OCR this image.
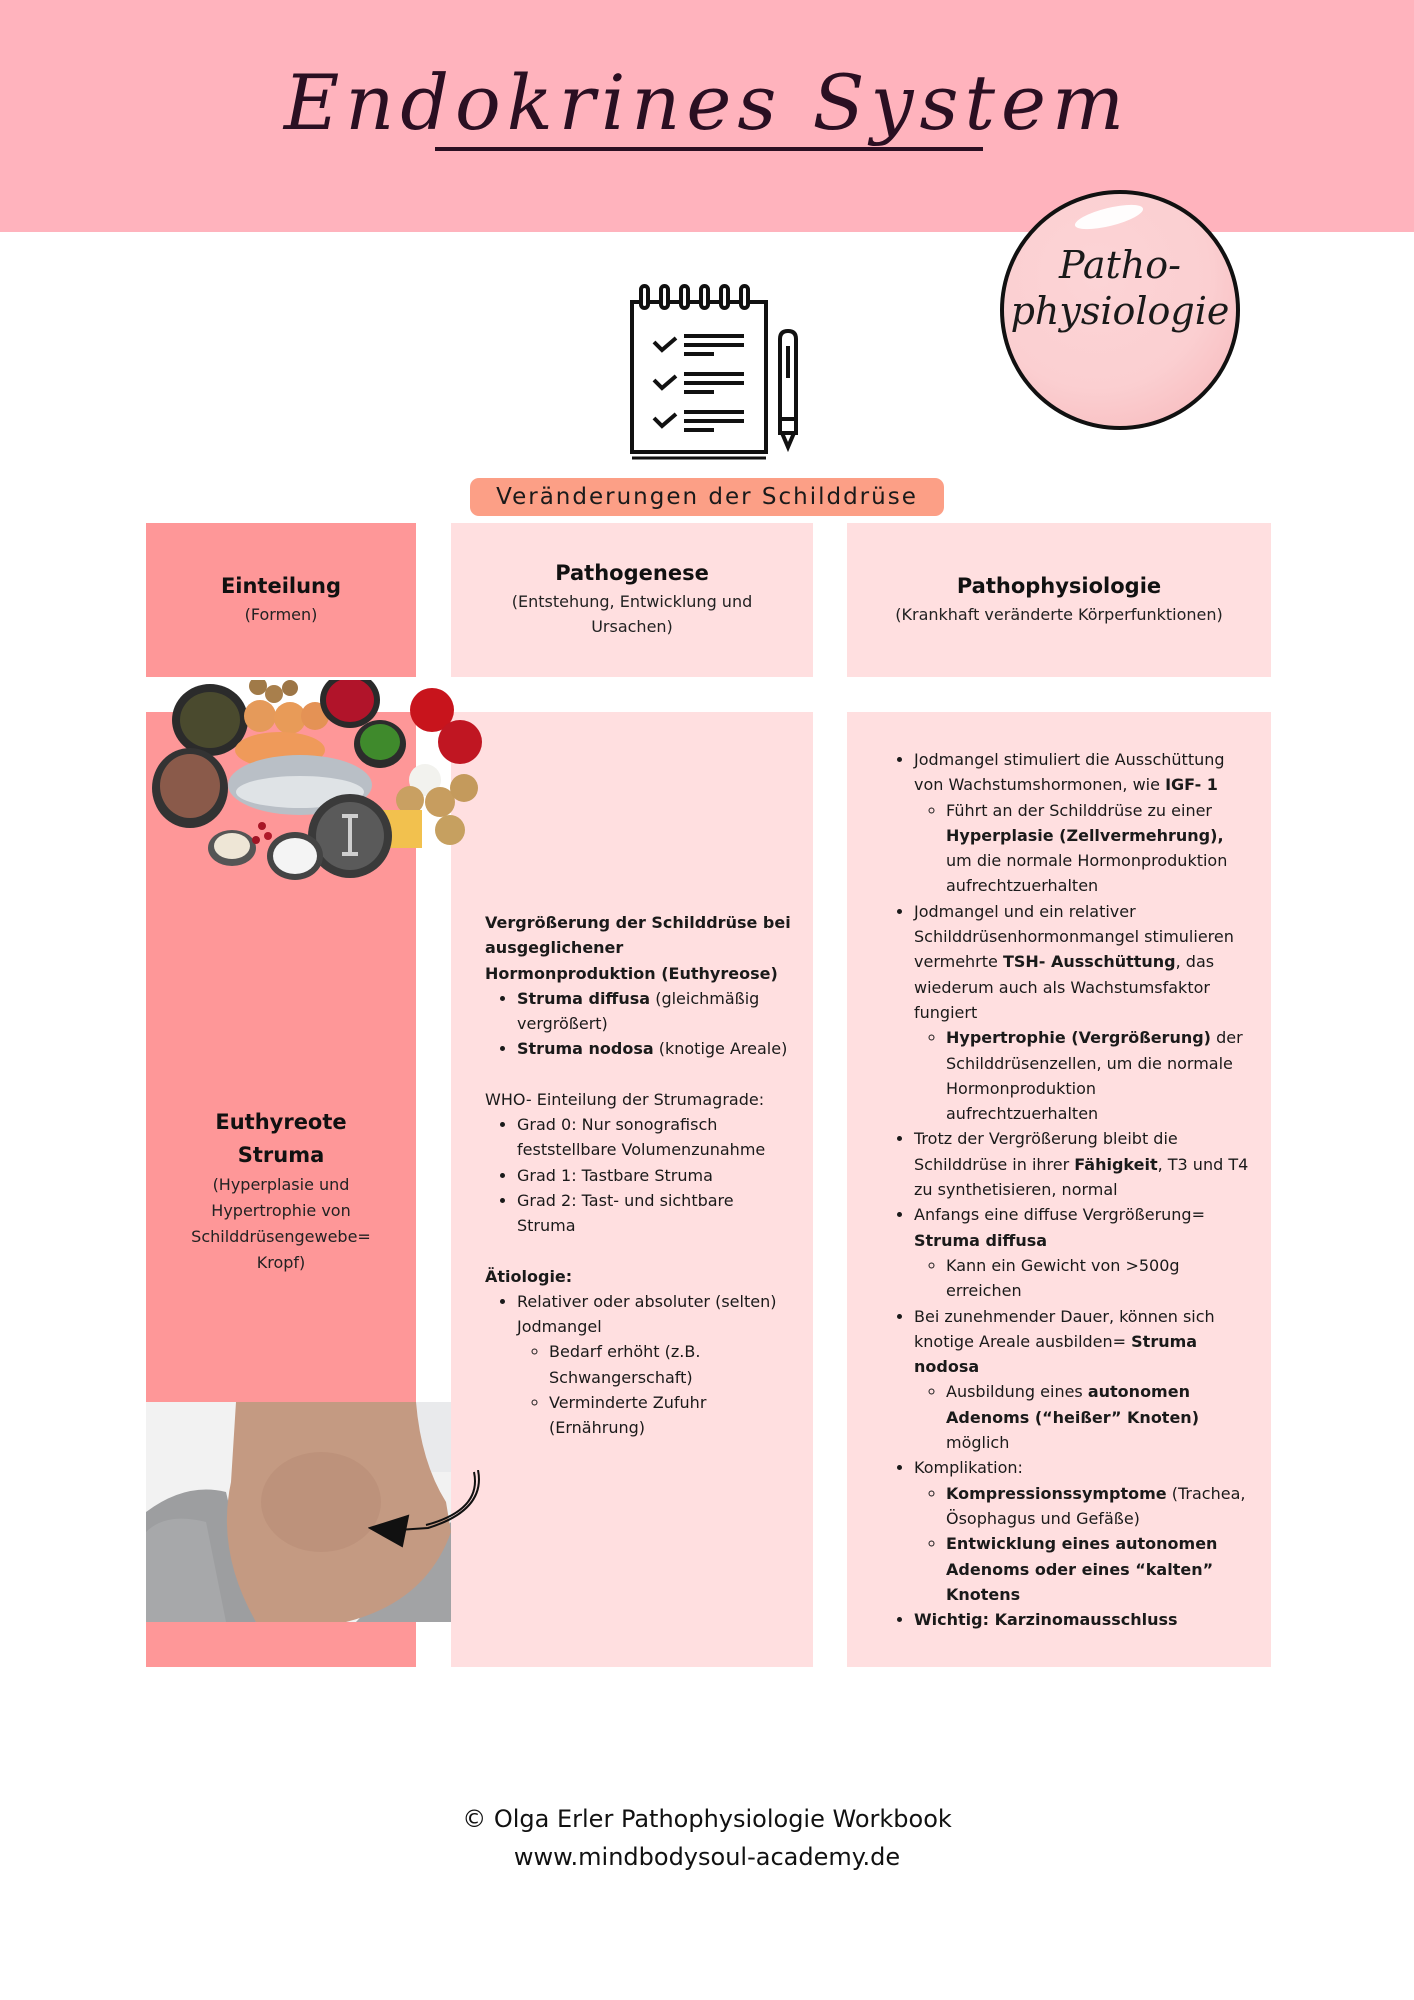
Endokrines System
Patho-
physiologie
Veränderungen der Schilddrüse
Einteilung
(Formen)
Pathogenese
(Entstehung, Entwicklung und Ursachen)
Pathophysiologie
(Krankhaft veränderte Körperfunktionen)
Euthyreote
Struma
(Hyperplasie und Hypertrophie von Schilddrüsengewebe= Kropf)
Vergrößerung der Schilddrüse bei ausgeglichener Hormonproduktion (Euthyreose)
• Struma diffusa (gleichmäßig vergrößert)
• Struma nodosa (knotige Areale)
WHO- Einteilung der Strumagrade:
• Grad 0: Nur sonografisch feststellbare Volumenzunahme
• Grad 1: Tastbare Struma
• Grad 2: Tast- und sichtbare Struma
Ätiologie:
• Relativer oder absoluter (selten) Jodmangel
◦ Bedarf erhöht (z.B. Schwangerschaft)
◦ Verminderte Zufuhr (Ernährung)
• Jodmangel stimuliert die Ausschüttung von Wachstumshormonen, wie IGF- 1
◦ Führt an der Schilddrüse zu einer Hyperplasie (Zellvermehrung), um die normale Hormonproduktion aufrechtzuerhalten
• Jodmangel und ein relativer Schilddrüsenhormonmangel stimulieren vermehrte TSH- Ausschüttung, das wiederum auch als Wachstumsfaktor fungiert
◦ Hypertrophie (Vergrößerung) der Schilddrüsenzellen, um die normale Hormonproduktion aufrechtzuerhalten
• Trotz der Vergrößerung bleibt die Schilddrüse in ihrer Fähigkeit, T3 und T4 zu synthetisieren, normal
• Anfangs eine diffuse Vergrößerung= Struma diffusa
◦ Kann ein Gewicht von >500g erreichen
• Bei zunehmender Dauer, können sich knotige Areale ausbilden= Struma nodosa
◦ Ausbildung eines autonomen Adenoms (“heißer” Knoten) möglich
• Komplikation:
◦ Kompressionssymptome (Trachea, Ösophagus und Gefäße)
◦ Entwicklung eines autonomen Adenoms oder eines “kalten” Knotens
• Wichtig: Karzinomausschluss
© Olga Erler Pathophysiologie Workbook
www.mindbodysoul-academy.de
